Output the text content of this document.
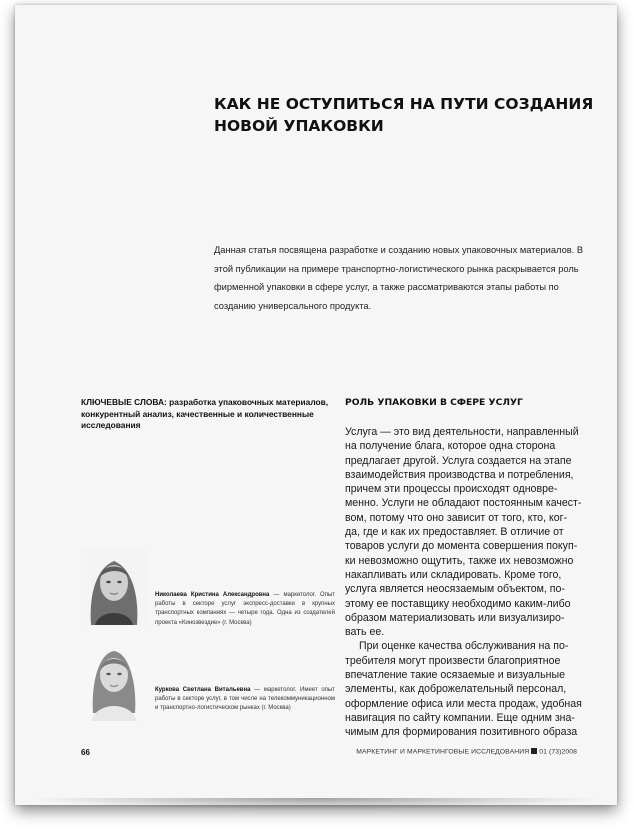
КАК НЕ ОСТУПИТЬСЯ НА ПУТИ СОЗДАНИЯ
НОВОЙ УПАКОВКИ

Данная статья посвящена разработке и созданию новых упаковочных материалов. В этой публикации на примере транспортно-логистического рынка раскрывается роль фирменной упаковки в сфере услуг, а также рассматриваются этапы работы по созданию универсального продукта.

КЛЮЧЕВЫЕ СЛОВА: разработка упаковочных материалов, конкурентный анализ, качественные и количественные исследования
Николаева Кристина Александровна — маркетолог. Опыт работы в секторе услуг экспресс-доставки в крупных транспортных компаниях — четыре года. Одна из создателей проекта «Кинозвездие» (г. Москва)
Куркова Светлана Витальевна — маркетолог. Имеет опыт работы в секторе услуг, в том числе на телекоммуникационном и транспортно-логистическом рынках (г. Москва)
РОЛЬ УПАКОВКИ В СФЕРЕ УСЛУГ

Услуга — это вид деятельности, направленный
на получение блага, которое одна сторона
предлагает другой. Услуга создается на этапе
взаимодействия производства и потребления,
причем эти процессы происходят одновре-
менно. Услуги не обладают постоянным качест-
вом, потому что оно зависит от того, кто, ког-
да, где и как их предоставляет. В отличие от
товаров услуги до момента совершения покуп-
ки невозможно ощутить, также их невозможно
накапливать или складировать. Кроме того,
услуга является неосязаемым объектом, по-
этому ее поставщику необходимо каким-либо
образом материализовать или визуализиро-
вать ее.

При оценке качества обслуживания на по-
требителя могут произвести благоприятное
впечатление такие осязаемые и визуальные
элементы, как доброжелательный персонал,
оформление офиса или места продаж, удобная
навигация по сайту компании. Еще одним зна-
чимым для формирования позитивного образа

66	МАРКЕТИНГ И МАРКЕТИНГОВЫЕ ИССЛЕДОВАНИЯ 01 (73)2008
